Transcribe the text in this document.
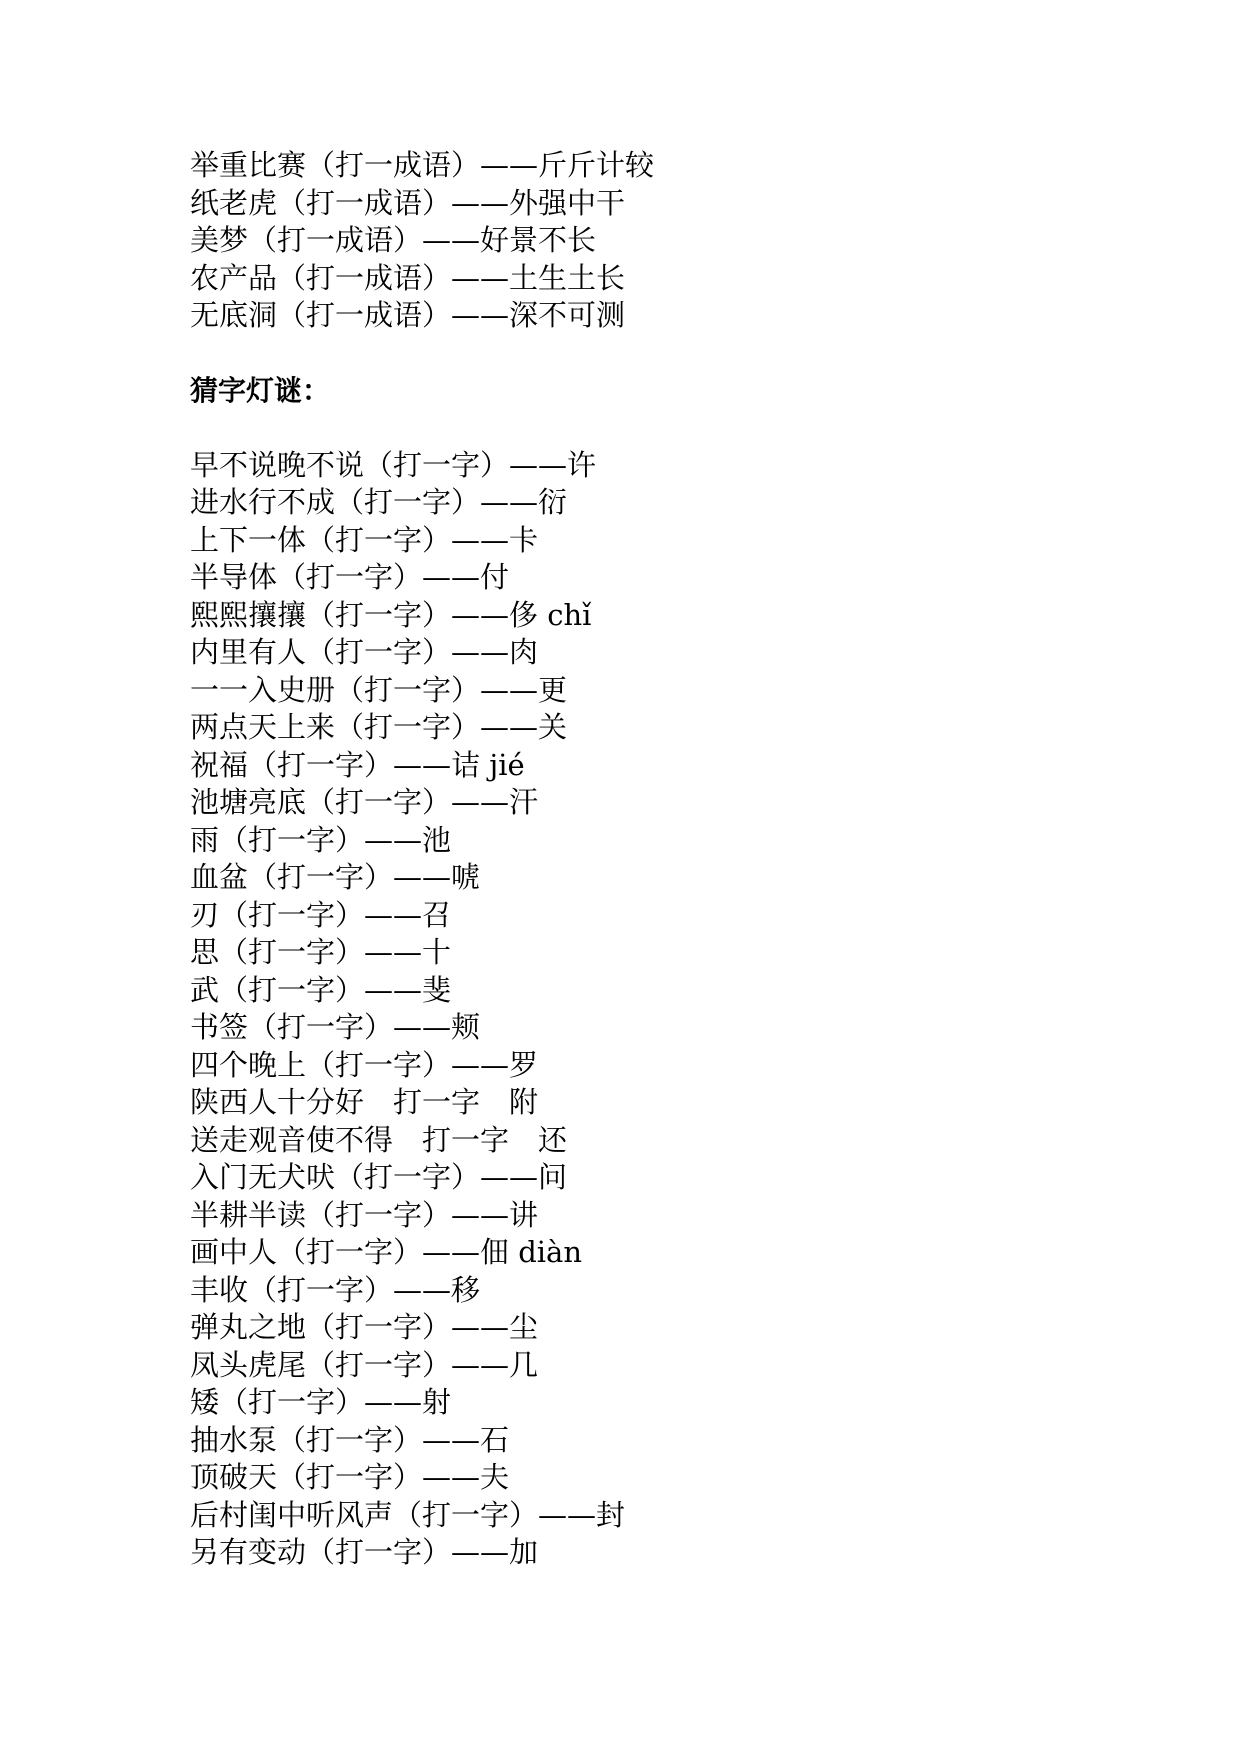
举重比赛（打一成语）——斤斤计较
纸老虎（打一成语）——外强中干
美梦（打一成语）——好景不长
农产品（打一成语）——土生土长
无底洞（打一成语）——深不可测
猜字灯谜：
早不说晚不说（打一字）——许
进水行不成（打一字）——衍
上下一体（打一字）——卡
半导体（打一字）——付
熙熙攘攘（打一字）——侈 chǐ
内里有人（打一字）——肉
一一入史册（打一字）——更
两点天上来（打一字）——关
祝福（打一字）——诘 jié
池塘亮底（打一字）——汗
雨（打一字）——池
血盆（打一字）——唬
刃（打一字）——召
思（打一字）——十
武（打一字）——斐
书签（打一字）——颊
四个晚上（打一字）——罗
陕西人十分好　打一字　附
送走观音使不得　打一字　还
入门无犬吠（打一字）——问
半耕半读（打一字）——讲
画中人（打一字）——佃 diàn
丰收（打一字）——移
弹丸之地（打一字）——尘
凤头虎尾（打一字）——几
矮（打一字）——射
抽水泵（打一字）——石
顶破天（打一字）——夫
后村闺中听风声（打一字）——封
另有变动（打一字）——加
